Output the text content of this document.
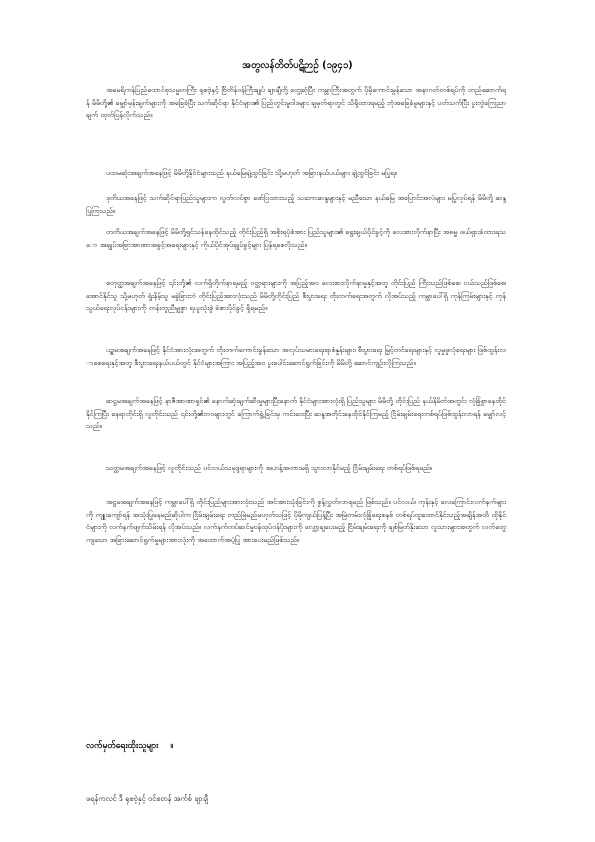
အတွလန်တိတ်ပဋိဉာဉ် (၁၉၄၁)
အမေရိကန်ပြည်ထောင်စုသမ္မတကြီး ရုစဗဲ့နှင့် ဗြိတိန်ဝန်ကြီးချုပ် ချာချီတို့ တွေ့ဆုံပြီး ကမ္ဘာကြီးအတွက် ပိုမိုကောင်းမွန်သော အနာဂတ်တစ်ရပ်ကို တည်ဆောက်ရန် မိမိတို့၏ မျှော်မှန်းချက်များကို အခြေခံပြီး သက်ဆိုင်ရာ နိုင်ငံများ၏ ပြည်တွင်းမူဝါဒများ ချမှတ်ရာတွင် သိရှိထားရမည့် ဘုံအခြေခံမူများနှင့် ပတ်သက်ပြီး ပူးတွဲကြေညာချက် ထုတ်ပြန်လိုက်သည်။
ပထမဆုံးအချက်အနေဖြင့် မိမိတို့နိုင်ငံများသည် နယ်မြေချဲ့ထွင်ခြင်း သို့မဟုတ် အခြားနယ်ပယ်များ ချဲ့ထွင်ခြင်း မပြုရ။
ဒုတိယအနေဖြင့် သက်ဆိုင်ရာပြည်သူများက လွတ်လပ်စွာ ဖော်ပြထားသည့် သဘောဆန္ဒများနှင့် မညီသော နယ်မြေ အပြောင်းအလဲများ မပြုလုပ်ရန် မိမိတို့ ဆန္ဒပြုကြသည်။
တတိယအချက်အနေဖြင့် မိမိတို့ရှင်သန်နေထိုင်သည့် တိုင်းပြည်ရှိ အစိုးရပုံစံအား ပြည်သူများ၏ ရွေးချယ်ပိုင်ခွင့်ကို လေးစားလိုက်နာပြီး အဓမ္မ ဖယ်ရှားခံထားရသော အချုပ်အခြာအာဏာအခွင့်အရေးများနှင့် ကိုယ်ပိုင်အုပ်ချုပ်ခွင့်များ ပြန်ရစေလိုသည်။
စတုတ္ထအချက်အနေဖြင့် ၎င်းတို့၏ လက်ရှိတိုက်နာရမည့် ဝတ္တရားများကို အပြည့်အဝ လေးစားလိုက်နာမှုနှင့်အတူ တိုင်းပြည် ကြီးသည်ဖြစ်စေ၊ ငယ်သည်ဖြစ်စေ၊ အောင်နိုင်သူ သို့မဟုတ် ရှုံးနိမ့်သူ မခွဲခြားဘဲ တိုင်းပြည်အားလုံးသည် မိမိတို့တိုင်းပြည် စီးပွားရေး တိုးတက်ရေးအတွက် လိုအပ်သည့် ကမ္ဘာပေါ်ရှိ ကုန်ကြမ်းများနှင့် ကုန်သွယ်ရေးလုပ်ငန်းများကို တန်းတူညီမျှစွာ ရယူသုံးစွဲ ခံစားပိုင်ခွင့် ရှိရမည်။
ပဉ္စမအချက်အနေဖြင့် နိုင်ငံအားလုံးအတွက် တိုးတက်ကောင်းမွန်သော အလုပ်သမားရေးရာစံနှုန်းများ၊ စီးပွားရေး မြှင့်တင်ရေးများနှင့် လူမှုဖူလုံရေးများ ဖြစ်ထွန်းလာစေရေးနှင့်အတူ စီးပွားရေးနယ်ပယ်တွင် နိုင်ငံများအကြား အပြည့်အဝ ပူးပေါင်းဆောင်ရွက်ခြင်းကို မိမိတို့ ဆောင်ကျဉ်းလိုကြသည်။
ဆဋ္ဌမအချက်အနေဖြင့် နာဇီအာဏာရှင်၏ နောက်ဆုံးချက်ဆီးမှုများပြီးနောက် နိုင်ငံများအားလုံးရှိ ပြည်သူများ မိမိတို့ တိုင်းပြည် နယ်နိမိတ်အတွင်း လုံခြုံစွာနေထိုင်နိုင်ကြပြီး နေရာတိုင်းရှိ လူတိုင်းသည် ၎င်းတို့၏ဘဝများတွင် ကြောက်ရွံ့ခြင်းမှ ကင်းဝေးပြီး ဆန္ဒအတိုင်းနေထိုင်နိုင်ကြမည့် ငြိမ်းချမ်းရေးတစ်ရပ်ဖြစ်ထွန်းလာရန် မျှော်လင့်သည်။
သတ္တမအချက်အနေဖြင့် လူတိုင်းသည် ပင်လယ်သမုဒ္ဒရာများကို အဟန့်အတားမရှိ သွားလာနိုင်မည့် ငြိမ်းချမ်းရေး တစ်ရပ်ဖြစ်ရမည်။
အဋ္ဌမအချက်အနေဖြင့် ကမ္ဘာပေါ်ရှိ တိုင်းပြည်များအားလုံးသည် အင်အားသုံးခြင်းကို စွန့်လွှတ်လာရမည် ဖြစ်သည်။ ပင်လယ်၊ ကုန်းနှင့် လေကြောင်းလက်နက်များကို ကျူးကျော်ရန် အသုံးပြုနေမည်ဆိုပါက ငြိမ်းချမ်းရေး တည်မြဲမည်မဟုတ်သဖြင့် ပိုမိုကျယ်ပြန့်ပြီး အမြဲတမ်းလုံခြုံရေးစနစ် တစ်ရပ်ထူထောင်နိုင်သည့်အချိန်အထိ ထိုနိုင်ငံများကို လက်နက်ဖျက်သိမ်းရန် လိုအပ်သည်။ လက်နက်တပ်ဆင်မှုဝန်ထုပ်ဝန်ပိုးများကို လျှော့ချပေးမည့် ငြိမ်းချမ်းရေးကို ချစ်မြတ်နိုးသော လူသားများအတွက် လက်တွေ့ကျသော အခြားဆောင်ရွက်မှုများအားလုံးကို အထောက်အပံ့ပြု အားပေးမည်ဖြစ်သည်။
လက်မှတ်ရေးထိုးသူများ ။
ဖရန်ကလင် ဒီ ရုစဗဲ့နှင့် ဝင်စတန် အက်စ် ချာချီ
